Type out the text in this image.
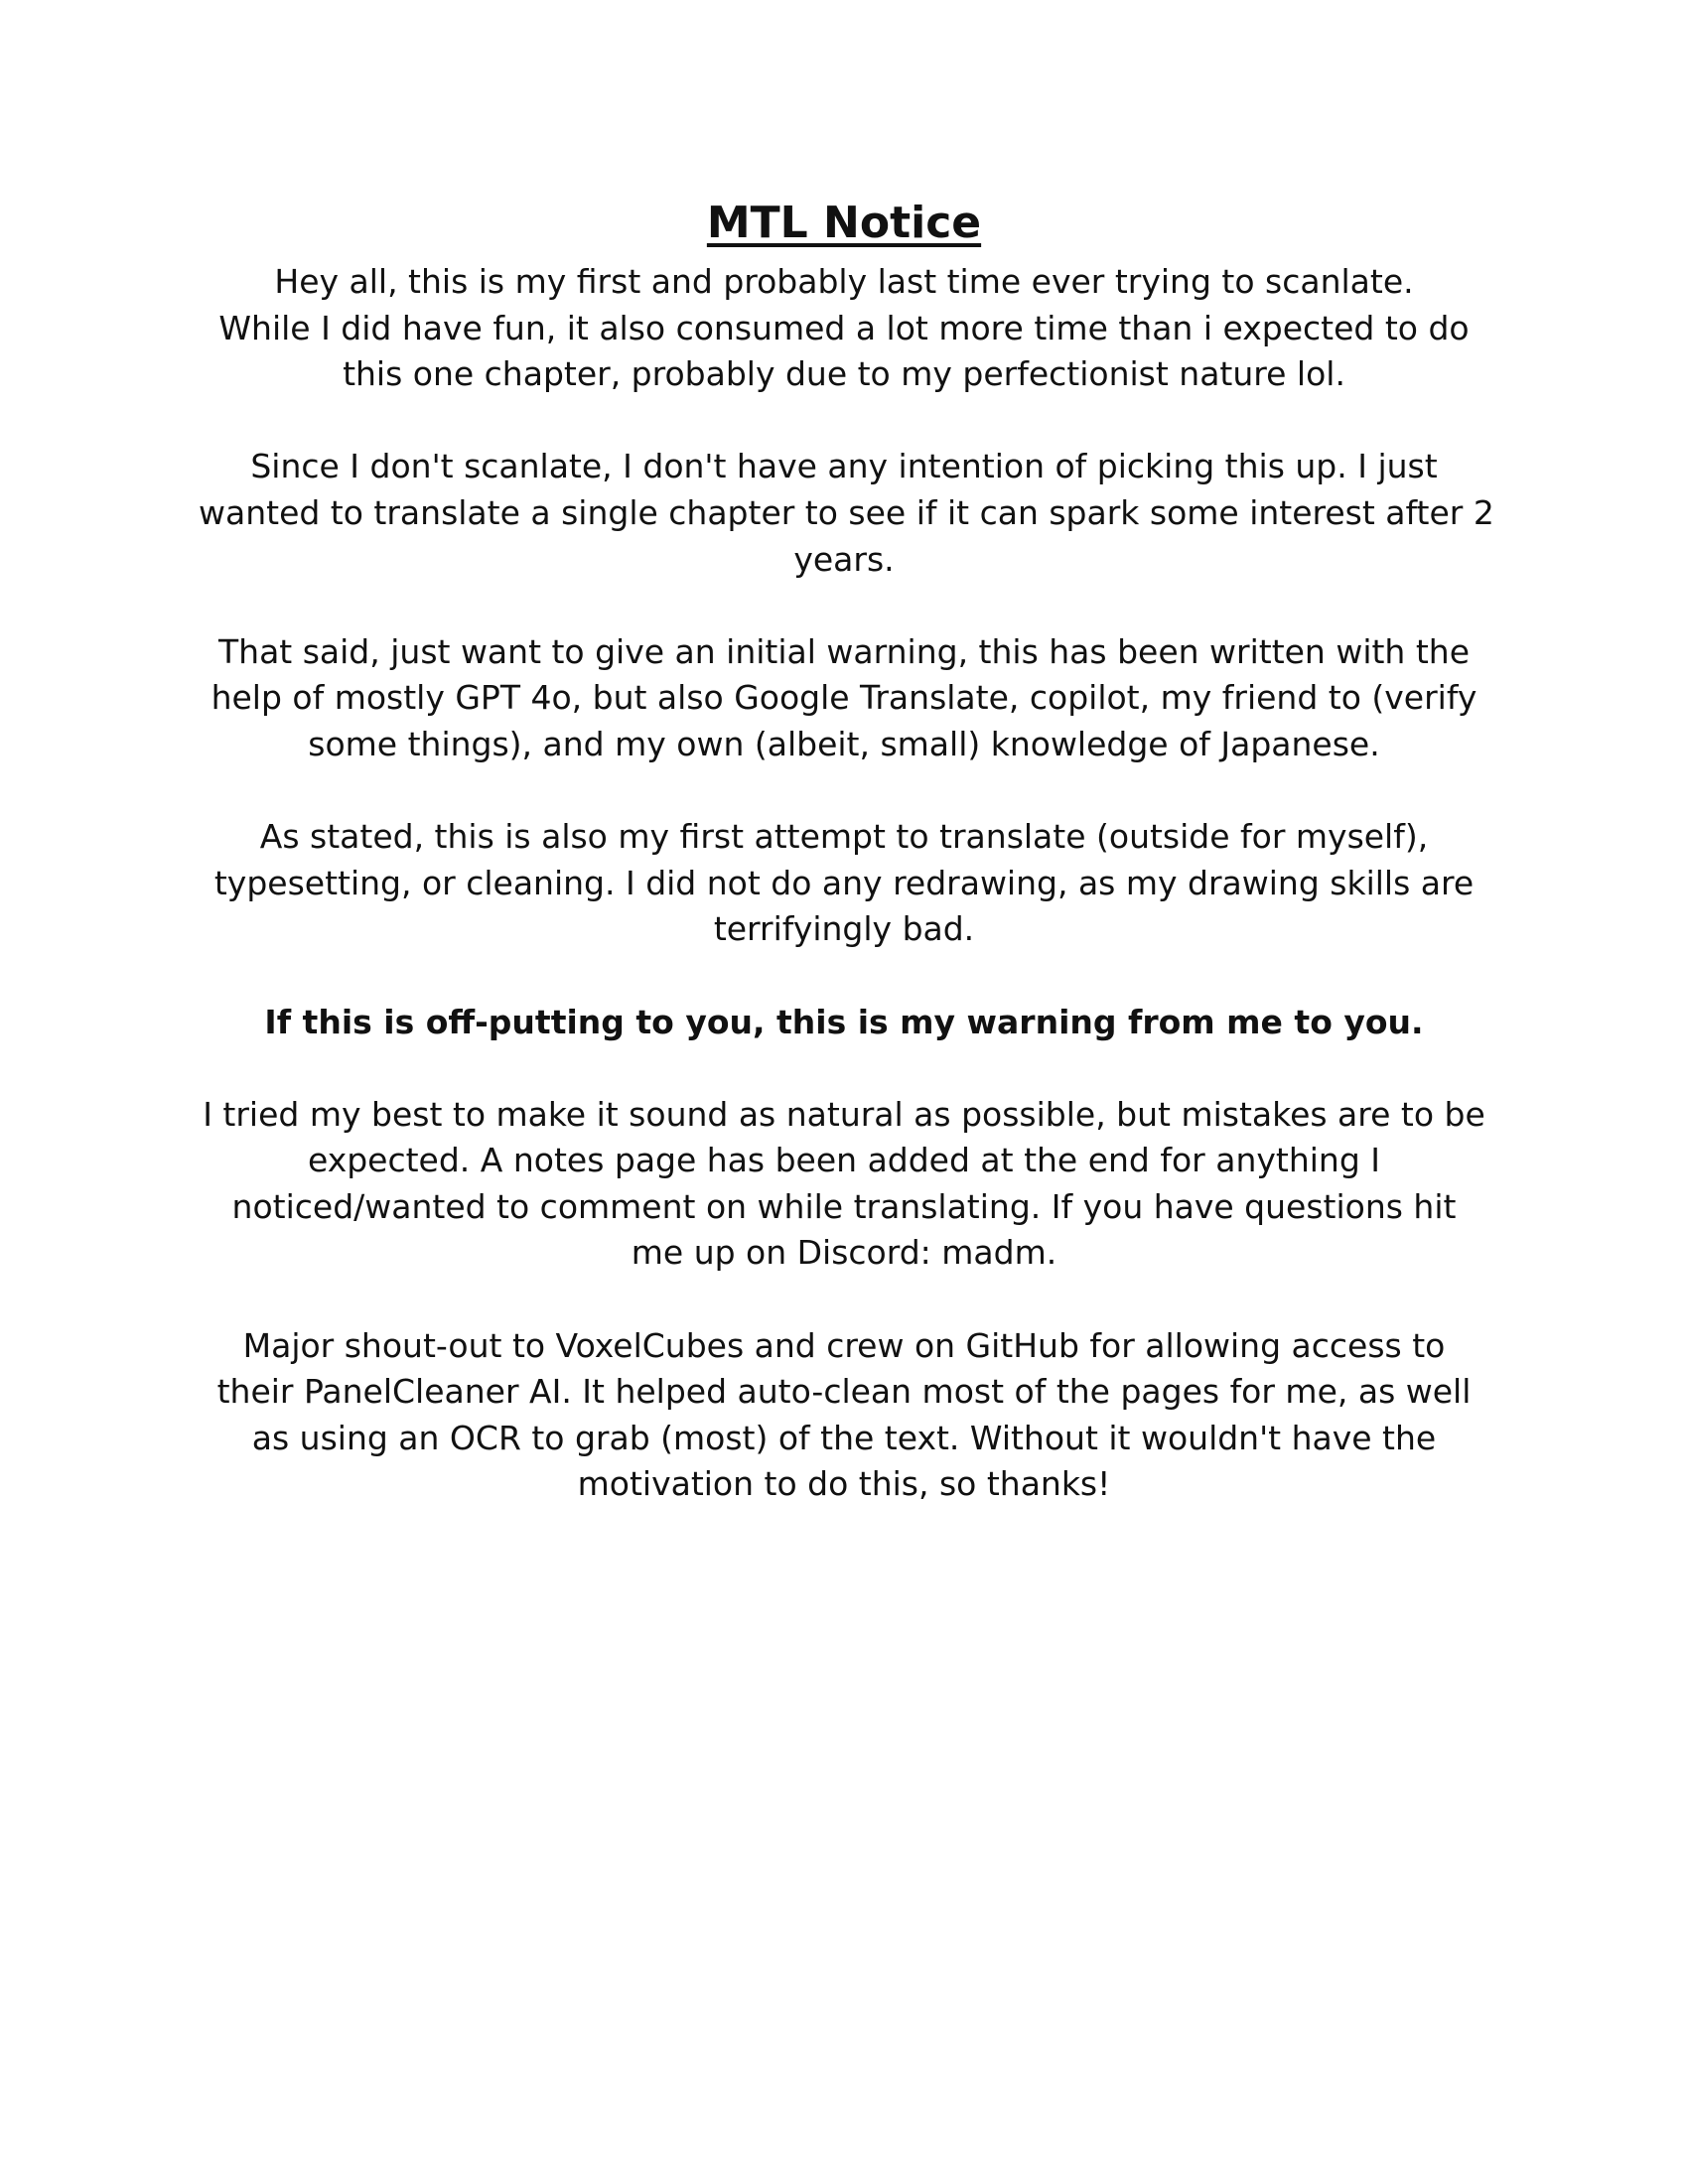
MTL Notice
Hey all, this is my first and probably last time ever trying to scanlate.
While I did have fun, it also consumed a lot more time than i expected to do
this one chapter, probably due to my perfectionist nature lol.
Since I don't scanlate, I don't have any intention of picking this up. I just
wanted to translate a single chapter to see if it can spark some interest after 2
years.
That said, just want to give an initial warning, this has been written with the
help of mostly GPT 4o, but also Google Translate, copilot, my friend to (verify
some things), and my own (albeit, small) knowledge of Japanese.
As stated, this is also my first attempt to translate (outside for myself),
typesetting, or cleaning. I did not do any redrawing, as my drawing skills are
terrifyingly bad.
If this is off-putting to you, this is my warning from me to you.
I tried my best to make it sound as natural as possible, but mistakes are to be
expected. A notes page has been added at the end for anything I
noticed/wanted to comment on while translating. If you have questions hit
me up on Discord: madm.
Major shout-out to VoxelCubes and crew on GitHub for allowing access to
their PanelCleaner AI. It helped auto-clean most of the pages for me, as well
as using an OCR to grab (most) of the text. Without it wouldn't have the
motivation to do this, so thanks!
